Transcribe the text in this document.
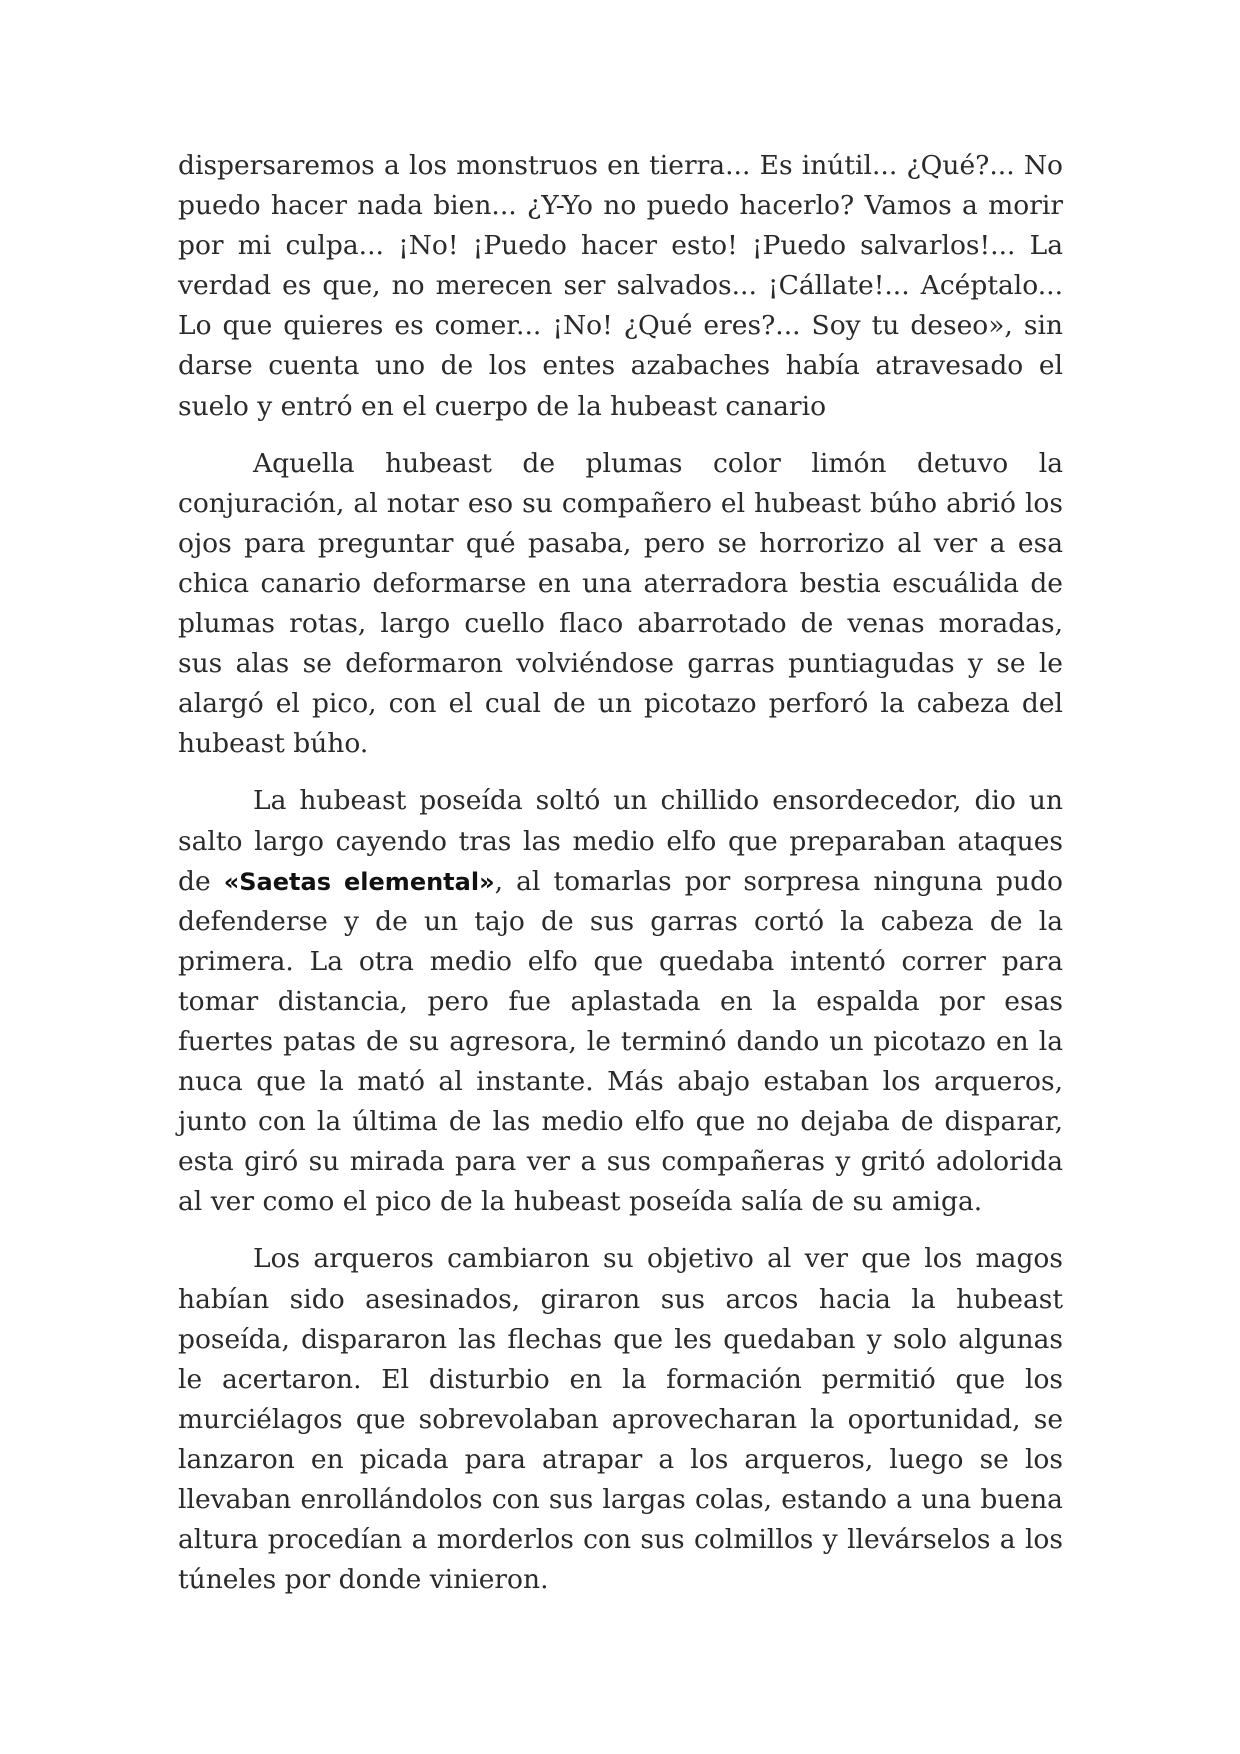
dispersaremos a los monstruos en tierra... Es inútil... ¿Qué?... No puedo hacer nada bien... ¿Y-Yo no puedo hacerlo? Vamos a morir por mi culpa... ¡No! ¡Puedo hacer esto! ¡Puedo salvarlos!... La verdad es que, no merecen ser salvados... ¡Cállate!... Acéptalo... Lo que quieres es comer... ¡No! ¿Qué eres?... Soy tu deseo», sin darse cuenta uno de los entes azabaches había atravesado el suelo y entró en el cuerpo de la hubeast canario

Aquella hubeast de plumas color limón detuvo la conjuración, al notar eso su compañero el hubeast búho abrió los ojos para preguntar qué pasaba, pero se horrorizo al ver a esa chica canario deformarse en una aterradora bestia escuálida de plumas rotas, largo cuello flaco abarrotado de venas moradas, sus alas se deformaron volviéndose garras puntiagudas y se le alargó el pico, con el cual de un picotazo perforó la cabeza del hubeast búho.

La hubeast poseída soltó un chillido ensordecedor, dio un salto largo cayendo tras las medio elfo que preparaban ataques de «Saetas elemental», al tomarlas por sorpresa ninguna pudo defenderse y de un tajo de sus garras cortó la cabeza de la primera. La otra medio elfo que quedaba intentó correr para tomar distancia, pero fue aplastada en la espalda por esas fuertes patas de su agresora, le terminó dando un picotazo en la nuca que la mató al instante. Más abajo estaban los arqueros, junto con la última de las medio elfo que no dejaba de disparar, esta giró su mirada para ver a sus compañeras y gritó adolorida al ver como el pico de la hubeast poseída salía de su amiga.

Los arqueros cambiaron su objetivo al ver que los magos habían sido asesinados, giraron sus arcos hacia la hubeast poseída, dispararon las flechas que les quedaban y solo algunas le acertaron. El disturbio en la formación permitió que los murciélagos que sobrevolaban aprovecharan la oportunidad, se lanzaron en picada para atrapar a los arqueros, luego se los llevaban enrollándolos con sus largas colas, estando a una buena altura procedían a morderlos con sus colmillos y llevárselos a los túneles por donde vinieron.
